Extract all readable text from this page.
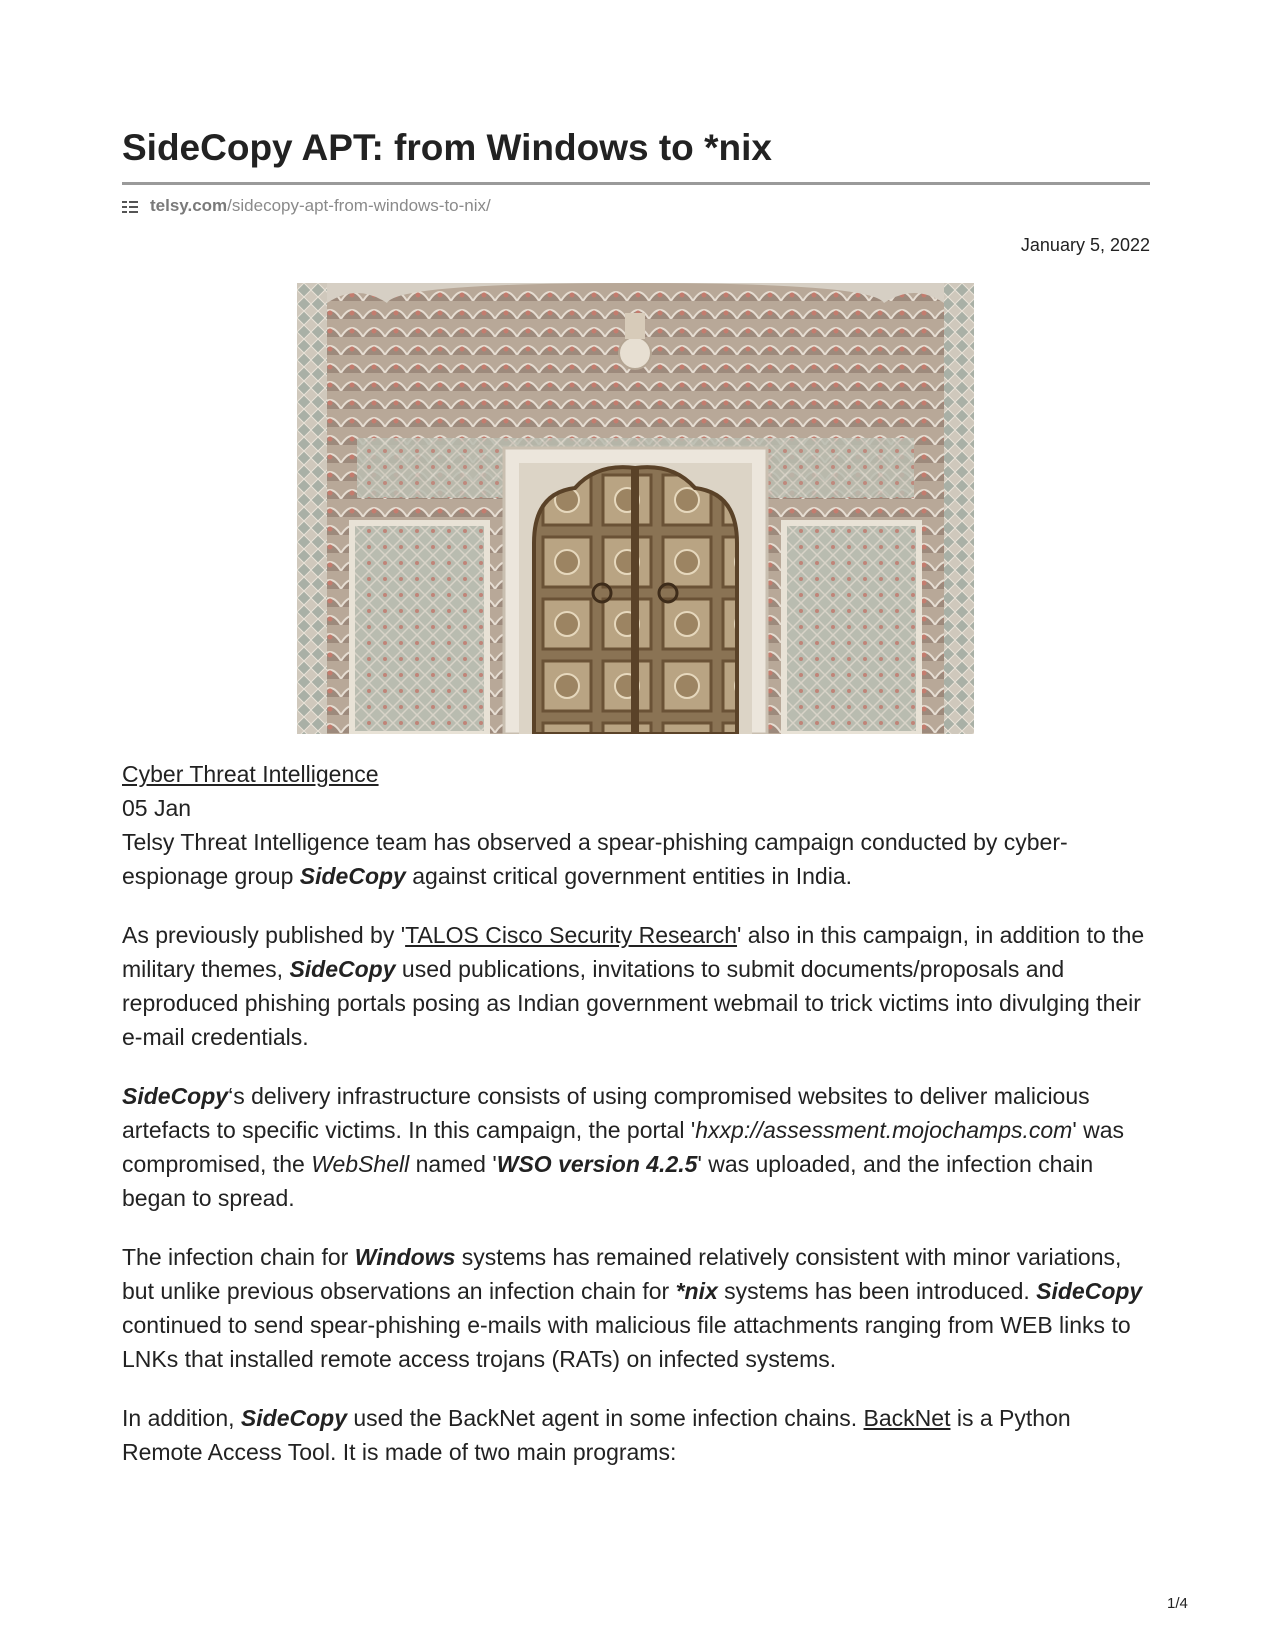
SideCopy APT: from Windows to *nix
telsy.com /sidecopy-apt-from-windows-to-nix/
January 5, 2022
Cyber Threat Intelligence
05 Jan

Telsy Threat Intelligence team has observed a spear-phishing campaign conducted by cyber-espionage group SideCopy against critical government entities in India.

As previously published by 'TALOS Cisco Security Research' also in this campaign, in addition to the military themes, SideCopy used publications, invitations to submit documents/proposals and reproduced phishing portals posing as Indian government webmail to trick victims into divulging their e-mail credentials.

SideCopy‘s delivery infrastructure consists of using compromised websites to deliver malicious artefacts to specific victims. In this campaign, the portal 'hxxp://assessment.mojochamps.com' was compromised, the WebShell named 'WSO version 4.2.5' was uploaded, and the infection chain began to spread.

The infection chain for Windows systems has remained relatively consistent with minor variations, but unlike previous observations an infection chain for *nix systems has been introduced. SideCopy continued to send spear-phishing e-mails with malicious file attachments ranging from WEB links to LNKs that installed remote access trojans (RATs) on infected systems.

In addition, SideCopy used the BackNet agent in some infection chains. BackNet is a Python Remote Access Tool. It is made of two main programs:

1/4
